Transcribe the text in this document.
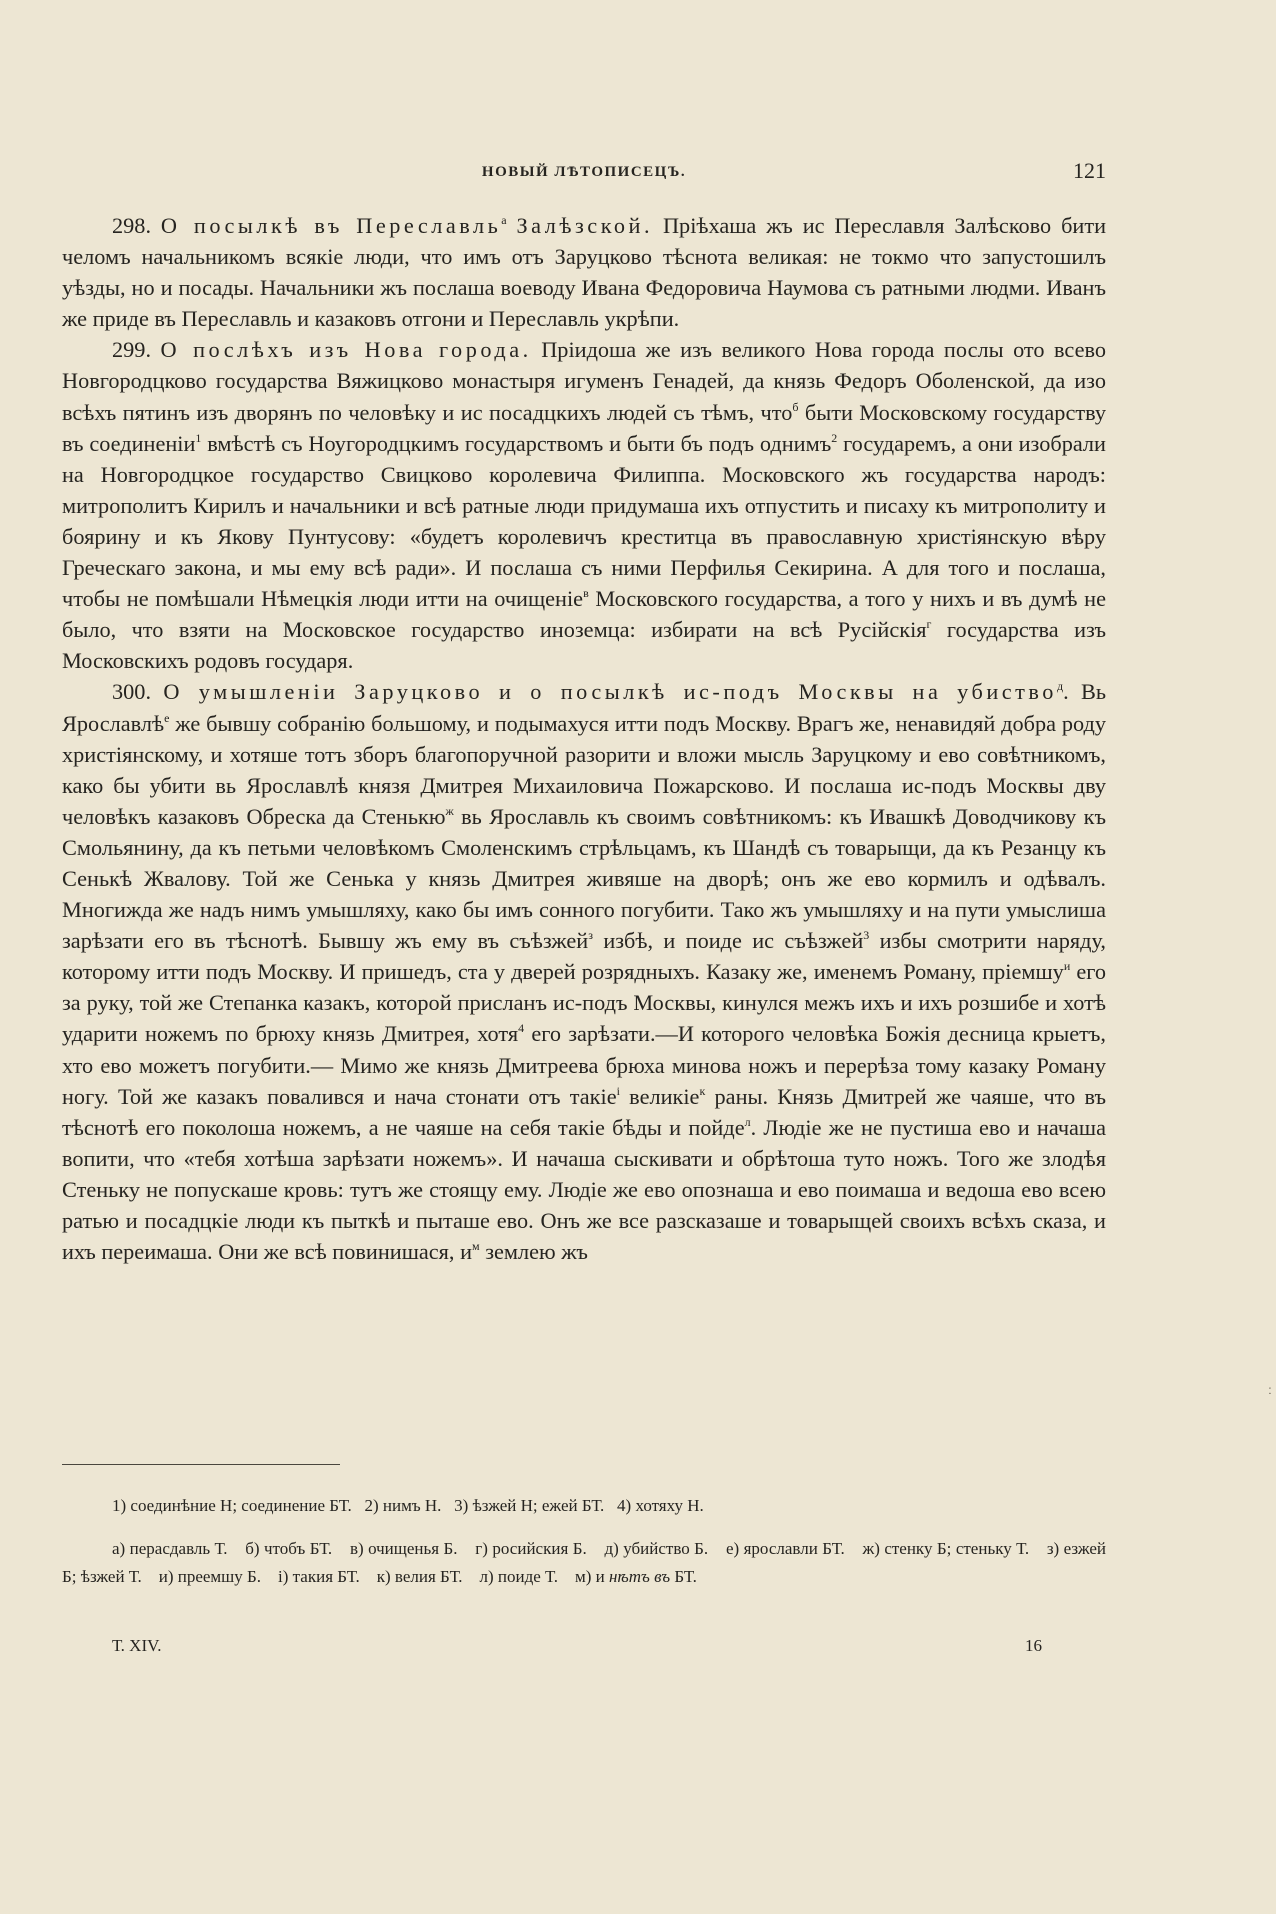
НОВЫЙ ЛѢТОПИСЕЦЪ.	121

298. О посылкѣ въ Переславль$^а$ Залѣзской. Пріѣхаша жъ ис Переславля Залѣсково бити челомъ начальникомъ всякіе люди, что имъ отъ Заруцково тѣснота великая: не токмо что запустошилъ уѣзды, но и посады. Начальники жъ послаша воеводу Ивана Федоровича Наумова съ ратными людми. Иванъ же приде въ Переславль и казаковъ отгони и Переславль укрѣпи.

299. О послѣхъ изъ Нова города. Пріидоша же изъ великого Нова города послы ото всево Новгородцково государства Вяжицково монастыря игуменъ Генадей, да князь Федоръ Оболенской, да изо всѣхъ пятинъ изъ дворянъ по человѣку и ис посадцкихъ людей съ тѣмъ, что$^б$ быти Московскому государству въ соединеніи$^1$ вмѣстѣ съ Ноугородцкимъ государствомъ и быти бъ подъ однимъ$^2$ государемъ, а они изобрали на Новгородцкое государство Свицково королевича Филиппа. Московского жъ государства народъ: митрополитъ Кирилъ и начальники и всѣ ратные люди придумаша ихъ отпустить и писаху къ митрополиту и боярину и къ Якову Пунтусову: «будетъ королевичъ креститца въ православную христіянскую вѣру Греческаго закона, и мы ему всѣ ради». И послаша съ ними Перфилья Секирина. А для того и послаша, чтобы не помѣшали Нѣмецкія люди итти на очищеніе$^в$ Московского государства, а того у нихъ и въ думѣ не было, что взяти на Московское государство иноземца: избирати на всѣ Русійскія$^г$ государства изъ Московскихъ родовъ государя.

300. О умышленіи Заруцково и о посылкѣ ис-подъ Москвы на убиство$^д$. Вь Ярославлѣ$^е$ же бывшу собранію большому, и подымахуся итти подъ Москву. Врагъ же, ненавидяй добра роду христіянскому, и хотяше тотъ зборъ благопоручной разорити и вложи мысль Заруцкому и ево совѣтникомъ, како бы убити вь Ярославлѣ князя Дмитрея Михаиловича Пожарсково. И послаша ис-подъ Москвы дву человѣкъ казаковъ Обреска да Стенькю$^ж$ вь Ярославль къ своимъ совѣтникомъ: къ Ивашкѣ Доводчикову къ Смольянину, да къ петьми человѣкомъ Смоленскимъ стрѣльцамъ, къ Шандѣ съ товарыщи, да къ Резанцу къ Сенькѣ Жвалову. Той же Сенька у князь Дмитрея живяше на дворѣ; онъ же ево кормилъ и одѣвалъ. Многижда же надъ нимъ умышляху, како бы имъ сонного погубити. Тако жъ умышляху и на пути умыслиша зарѣзати его въ тѣснотѣ. Бывшу жъ ему въ съѣзжей$^з$ избѣ, и поиде ис съѣзжей$^3$ избы смотрити наряду, которому итти подъ Москву. И пришедъ, ста у дверей розрядныхъ. Казаку же, именемъ Роману, пріемшу$^и$ его за руку, той же Степанка казакъ, которой присланъ ис-подъ Москвы, кинулся межъ ихъ и ихъ розшибе и хотѣ ударити ножемъ по брюху князь Дмитрея, хотя$^4$ его зарѣзати.—И которого человѣка Божія десница крыетъ, хто ево можетъ погубити.— Мимо же князь Дмитреева брюха минова ножъ и перерѣза тому казаку Роману ногу. Той же казакъ повалився и нача стонати отъ такіе$^і$ великіе$^к$ раны. Князь Дмитрей же чаяше, что въ тѣснотѣ его поколоша ножемъ, а не чаяше на себя такіе бѣды и пойде$^л$. Людіе же не пустиша ево и начаша вопити, что «тебя хотѣша зарѣзати ножемъ». И начаша сыскивати и обрѣтоша туто ножъ. Того же злодѣя Стеньку не попускаше кровь: тутъ же стоящу ему. Людіе же ево опознаша и ево поимаша и ведоша ево всею ратью и посадцкіе люди къ пыткѣ и пыташе ево. Онъ же все разсказаше и товарыщей своихъ всѣхъ сказа, и ихъ переимаша. Они же всѣ повинишася, $и^м$ землею жъ

1) соединѣние Н; соединение БТ.   2) нимъ Н.   3) ѣзжей Н; ежей БТ.   4) хотяху Н.

а) перасдавль Т.    б) чтобъ БТ.    в) очищенья Б.    г) росийския Б.    д) убийство Б.    е) ярославли БТ.    ж) стенку Б; стеньку Т.    з) езжей Б; ѣзжей Т.    и) преемшу Б.    і) такия БТ.    к) велия БТ.    л) поиде Т.    м) и нѣтъ въ БТ.

Т. XIV.	16
ː
